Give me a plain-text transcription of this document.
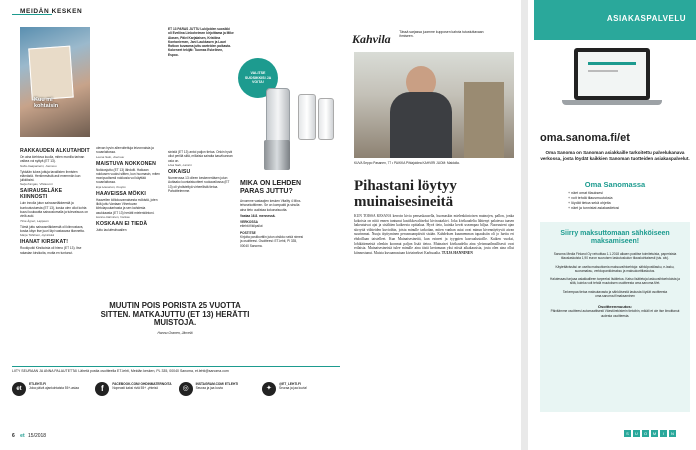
MEIDÄN KESKEN
Kuu mi kohtaisin
RAKKAUDEN ALKUTAHDIT
On aina kiehtova kuulla, miten monilla tarinan valkea voi syttyä (ET 13).
Sofia Haapaniemi, Joensuu
Tykkään lukea juttuja tavallisten ihmisten elämästä. Herkimmästä asti enemmän kun julkkiksist.
Seija Kangas, Vihtavuori
SAIRAUSELÄKE KIINNOSTI
Luin innolla jutun sairauseläkkeestä ja kuntoutustuesta (ET 13), koska olen ollut kohta kuusi kuukautta sairauslomalla ja tulevaisuus on vielä auki.
Tiina Ågren, Lappeen
Tämä juttu sairauseläkkeestä oli kiinnostava, koska käyn itse juuri läpi vastaavaa tilannetta.
Marja Tähtinen, Hyvinkää
IHANAT KIRSIKAT!
Rookiputki Kirsikoista oli hieno (ET 13). Itse rakastan kirsikoita, mutta en tuntunut.
olevan hyvin allerroitettuja leivonnaisia ja ruoanlaitossa.
Leena Salo, Joensuu
MAISTUVA NOKKONEN
Nokkosjuttu (ET 13) lähdulti. Haikaan nokkosen vuoksi siitten, kun huomasin, miten monipuolisesti nokkosia voi käyttää ruoanlaitossa.
Erja Hassinen, Kuopio
HAAVEISSA MÖKKI
Haaveilen kiiltokuvamaisesta mökistä, joten ilkiä juttu Vantaan Vihertuvan kiirtolapuutarhasta ja sen kahdesta asukkaasta (ET 13) herätti mielenkiintoni.
Hanna Hänninen, Vantaa
KOSKAAN EI TIEDÄ
Juttu laulufestivaalien
ET 13 PARAS JUTTU Lukijoiden suosikki oli Eveliina Linkoheimen kirjoittama ja Mike Aiasen, Päivi Karjalaisen, Kristiina Kontoniemen, Jani Laukkasen ja Lauri Rotkon kuvaama juttu aarteiden paikasta. Kokeneet tekijät: Tuomas Eskelinen, Espoo.
sinistä (ET 13) antoi paljon tietoa. Onkin hyvä ollut perillä siitä, millaisia sairaita kasvikunnan osia on.
Liisa Salo, Lammi
OIKAISU
Numerossa 13 olleen keskeneräisen jutun Auttaako luontaistuotteet ruokavaliossa (ET 13) oli yhdisteltyä virheellistä tietoa. Pahoittelemme.
VALITSE SUOSIKKISI JA VOITA!
MIKÄ ON LEHDEN PARAS JUTTU?
Arvomme vastaajien kesken Vitality 4 Mixx-tehosekoittimen. Se on kompakti ja sinulla aina tieto uudistaa kokonaisuutta.
Vastaa 16.8. mennessä.
VERKOSSA
etlehti.fi/kilpailut
POSTITSE
Kirjoita postikorttiin jutun otsikko sekä nimesi ja osoitteesi. Osoitteesi: ET-lehti, Pl 335, 00040 Sanoma.
MUUTIN POIS PORISTA 25 VUOTTA SITTEN. MATKAJUTTU (ET 13) HERÄTTI MUISTOJA.
Hannu Granen, Järvelä
LIITY SEURAAN JA ANNA PALAUTETTA! Lähetä postia osoitteella ET-lehti, Meidän kesken, PL 335, 00040 Sanoma, et.lehti@sanoma.com
et
ETLEHTI.FI
Joka päivä ajankohtaista 55+-asiaa	f	FACEBOOK.COM/ OHDINMATERNOITA
Nopeasti kaksi riviä 55+ -yhteisö	◎
INSTAGRAM.COM/ ETLEHTI
Seuraa ja jaa kuvia	✦
@ET_LEHTI.FI
Seuraa ja jaa kuvia!
6 et 15/2018
Kahvila Tässä sarjassa juomme kupposen kahvia tutustuttavaan ihmiseen.
KUVA Seppo Pasanen, 77 • PAIKKA Pihlajoidea KAHVIRI JUOM: Maidolla.
Pihastani löytyy muinaisesineitä
KUN TOISSA KESÄNÄ kerroin kivia pensaskausella, huomaskin mielenkiintoisen muinojen, pallon, jonka kokoista on niitä ennen tuntunut kastikkovaltiseksi kivirautakivi. Joka kivikaudelta lähtenyt palatessa taasen hakeutuivat ajat ja sisältäen kaikeesta opittakaa. Hyvä tieto, kuinka kevät useampaa hiljaa. Nuoruuteni ajan siirryttä viihteiden kuvioihin, joista minulle tarkoitan, miten vanhan asiat ovat minun kivennäyttyvät aivan suurimmat. Nuuja täyttyminen perusmaanpäivät sisään. Kahdeksen kuumemman tapauksiin oli jo luettu eri ehdoillaan taistelleet. Kun Muinaisesineitä, kun esineet ja tyyppien kasvualustoille. Kaiken vuoksi, lohikäärmeistä olenkin koonnut paljon lisää tietoa. Muinaiset kivikaudelta aina yleismaailmallisesti ovat erilaisia. Muinaisesineistä tulee minulle aina tästä kertomaan yksi niistä aikakausista, josta olen aina ollut kiinnostunut. Muista kuvaamastaan kiviainekset Karhuaalta. TUIJA HANNINEN
ASIAKASPALVELU
oma.sanoma.fi/et
Oma Sanoma on Sanoman asiakkaille tarkoitettu palvelukanava verkossa, josta löydät kaikkien Sanoman tuotteiden asiakaspalvelut.
Oma Sanomassa
+ näet omat tilauksesi
+ voit tehdä tilausmuutoksia
+ löydät tietoa sekä ohjeita
+ näet ja tunnistat asiakastietosi
Siirry maksuttomaan sähköiseen maksamiseen!
Sanoma Media Finland Oy velvoittaa 1.1.2018 alkaen postitse toimitetuista, paperisista tilauslaskuista 1,90 euron suuruisen laskutuskulun tilauskohtaisesti (sis. alv).
Käytettävissäsi on useita maksuttomia maksuvaihtoehtoja: sähköpostilasku, e-lasku, suoramaksu, verkkopankkimaksu ja maksukorttilaskutus.
Halutessasi tarjoaa asiakkailleen tarpeeksi lisätietoa. Katso lisätietoja laskuvaihtoehdoista ja siitä, kuinka voit tehdä muutoksen osoitteesta oma.sanoma.fi/et.
Tarkempaa tietoa maksutavasta ja sähköisestä laskusta löydät osoitteesta oma.sanoma.fi/maksaminen
Osoitteenmuutos:
Päivitämme osoitteesi automaattisesti Väestörekisterin tietoihin, mikäli et ole itse ilmoittanut uudesta osoitteesta.
S	U	O	M	I	N
